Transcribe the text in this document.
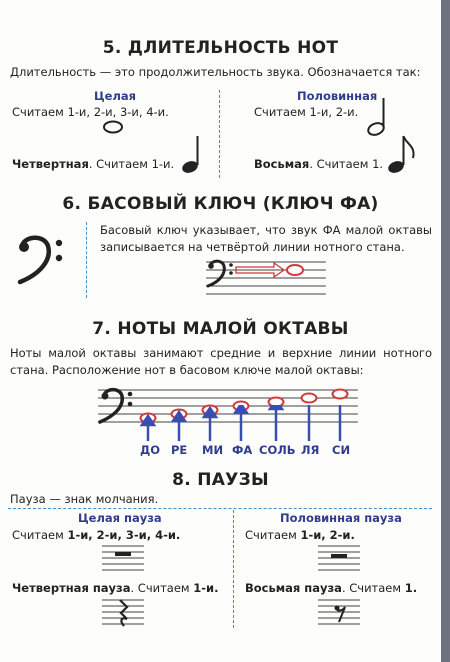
5. ДЛИТЕЛЬНОСТЬ НОТ
Длительность — это продолжительность звука. Обозначается так:
Целая
Считаем 1-и, 2-и, 3-и, 4-и.
Половинная
Считаем 1-и, 2-и.
Четвертная. Считаем 1-и.	Восьмая. Считаем 1.
6. БАСОВЫЙ КЛЮЧ (КЛЮЧ ФА)
Басовый ключ указывает, что звук ФА малой октавы записывается на четвёртой линии нотного стана.
7. НОТЫ МАЛОЙ ОКТАВЫ
Ноты малой октавы занимают средние и верхние линии нотного стана. Расположение нот в басовом ключе малой октавы:
ДО РЕ МИ ФА СОЛЬ ЛЯ СИ
8. ПАУЗЫ
Пауза — знак молчания.
Целая пауза
Считаем 1-и, 2-и, 3-и, 4-и.
Половинная пауза
Считаем 1-и, 2-и.
Четвертная пауза. Считаем 1-и. Восьмая пауза. Считаем 1.
